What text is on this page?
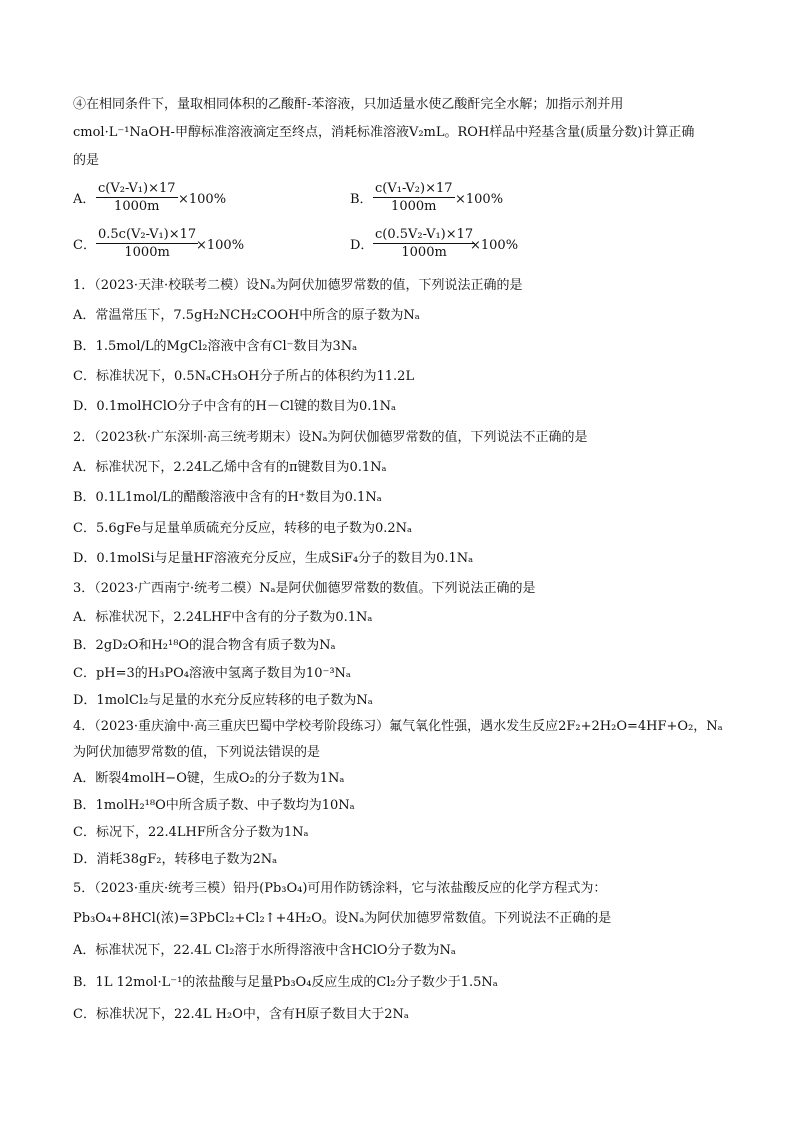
④在相同条件下，量取相同体积的乙酸酐-苯溶液，只加适量水使乙酸酐完全水解；加指示剂并用
cmol·L⁻¹NaOH-甲醇标准溶液滴定至终点，消耗标准溶液V₂mL。ROH样品中羟基含量(质量分数)计算正确
的是
A． $\frac{\text{c(V₂-V₁)×17}}{1000m} \times 100\%$	B． $\frac{\text{c(V₁-V₂)×17}}{1000m} \times 100\%$
C． $\frac{\text{0.5c(V₂-V₁)×17}}{1000m}$
×100%	D． $\frac{\text{c(0.5V₂-V₁)×17}}{1000m}$
×100%
1．（2023·天津·校联考二模）设Nₐ为阿伏加德罗常数的值，下列说法正确的是
A．常温常压下，7.5gH₂NCH₂COOH中所含的原子数为Nₐ
B．1.5mol/L的MgCl₂溶液中含有Cl⁻数目为3Nₐ
C．标准状况下，0.5NₐCH₃OH分子所占的体积约为11.2L
D．0.1molHClO分子中含有的H－Cl键的数目为0.1Nₐ
2．（2023秋·广东深圳·高三统考期末）设Nₐ为阿伏伽德罗常数的值，下列说法不正确的是
A．标准状况下，2.24L乙烯中含有的π键数目为0.1Nₐ
B．0.1L1mol/L的醋酸溶液中含有的H⁺数目为0.1Nₐ
C．5.6gFe与足量单质硫充分反应，转移的电子数为0.2Nₐ
D．0.1molSi与足量HF溶液充分反应，生成SiF₄分子的数目为0.1Nₐ
3．（2023·广西南宁·统考二模）Nₐ是阿伏伽德罗常数的数值。下列说法正确的是
A．标准状况下，2.24LHF中含有的分子数为0.1Nₐ
B．2gD₂O和H₂¹⁸O的混合物含有质子数为Nₐ
C．pH=3的H₃PO₄溶液中氢离子数目为10⁻³Nₐ
D．1molCl₂与足量的水充分反应转移的电子数为Nₐ
4．（2023·重庆渝中·高三重庆巴蜀中学校考阶段练习）氟气氧化性强，遇水发生反应2F₂+2H₂O=4HF+O₂，Nₐ
为阿伏加德罗常数的值，下列说法错误的是
A．断裂4molH−O键，生成O₂的分子数为1Nₐ
B．1molH₂¹⁸O中所含质子数、中子数均为10Nₐ
C．标况下，22.4LHF所含分子数为1Nₐ
D．消耗38gF₂，转移电子数为2Nₐ
5．（2023·重庆·统考三模）铅丹(Pb₃O₄)可用作防锈涂料，它与浓盐酸反应的化学方程式为：
Pb₃O₄+8HCl(浓)=3PbCl₂+Cl₂↑+4H₂O。设Nₐ为阿伏加德罗常数值。下列说法不正确的是
A．标准状况下，22.4L Cl₂溶于水所得溶液中含HClO分子数为Nₐ
B．1L 12mol·L⁻¹的浓盐酸与足量Pb₃O₄反应生成的Cl₂分子数少于1.5Nₐ
C．标准状况下，22.4L H₂O中，含有H原子数目大于2Nₐ
